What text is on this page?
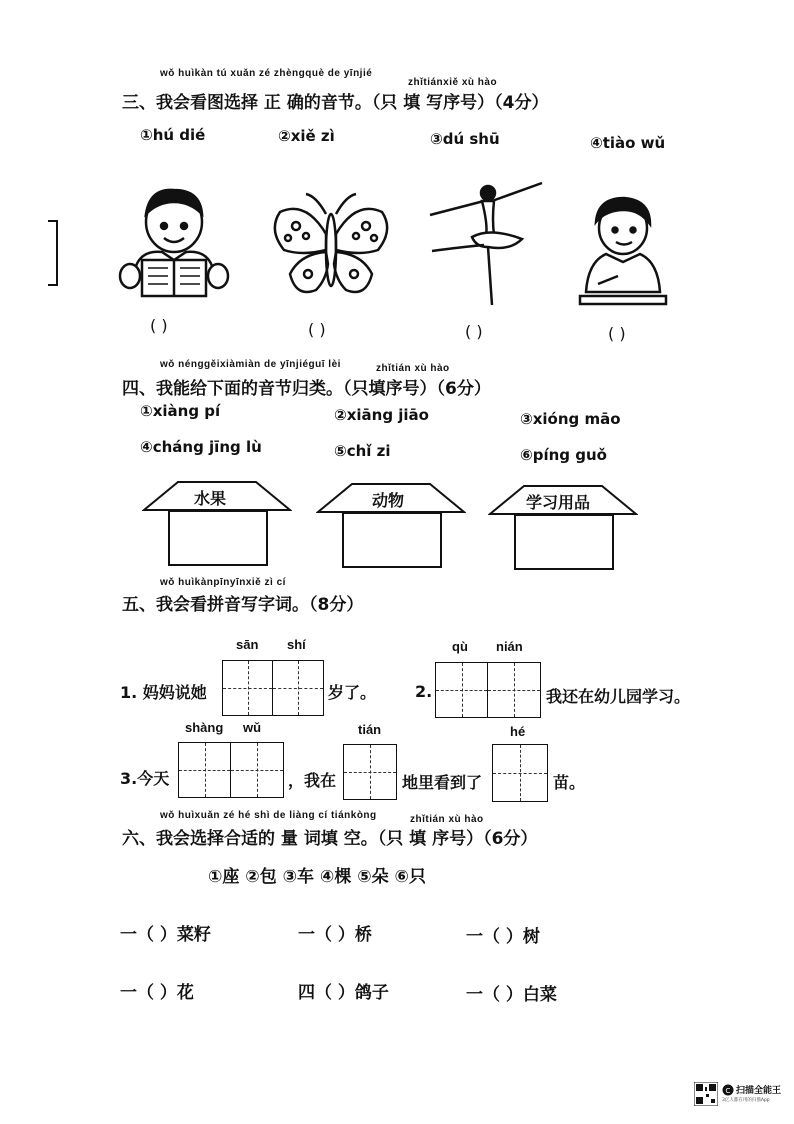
wǒ huìkàn tú xuǎn zé zhèngquè de yīnjié
zhǐtiánxiě xù hào
三、我会看图选择 正 确的音节。（只 填 写序号）（4分）
①hú dié	②xiě zì	③dú shū	④tiào wǔ
( )	( )	( )	( )
wǒ nénggěixiàmiàn de yīnjiéguī lèi	zhǐtián xù hào
四、我能给下面的音节归类。（只填序号）（6分）
①xiàng pí	②xiāng jiāo	③xióng māo
④cháng jīng lù	⑤chǐ zi	⑥píng guǒ
水果	动物	学习用品
wǒ huìkànpīnyīnxiě zì cí
五、我会看拼音写字词。（8分）
sān shí
1. 妈妈说她	岁了。
qù nián
2.	我还在幼儿园学习。
shàng wǔ
3.今天	，我在
tián
地里看到了
hé
苗。
wǒ huìxuǎn zé hé shì de liàng cí tiánkòng	zhǐtián xù hào
六、我会选择合适的 量 词填 空。（只 填 序号）（6分）
①座 ②包 ③车 ④棵 ⑤朵 ⑥只
一（ ）菜籽	一（ ）桥	一（ ）树
一（ ）花	四（ ）鸽子	一（ ）白菜
C 扫描全能王
3亿人都在用的扫描App
